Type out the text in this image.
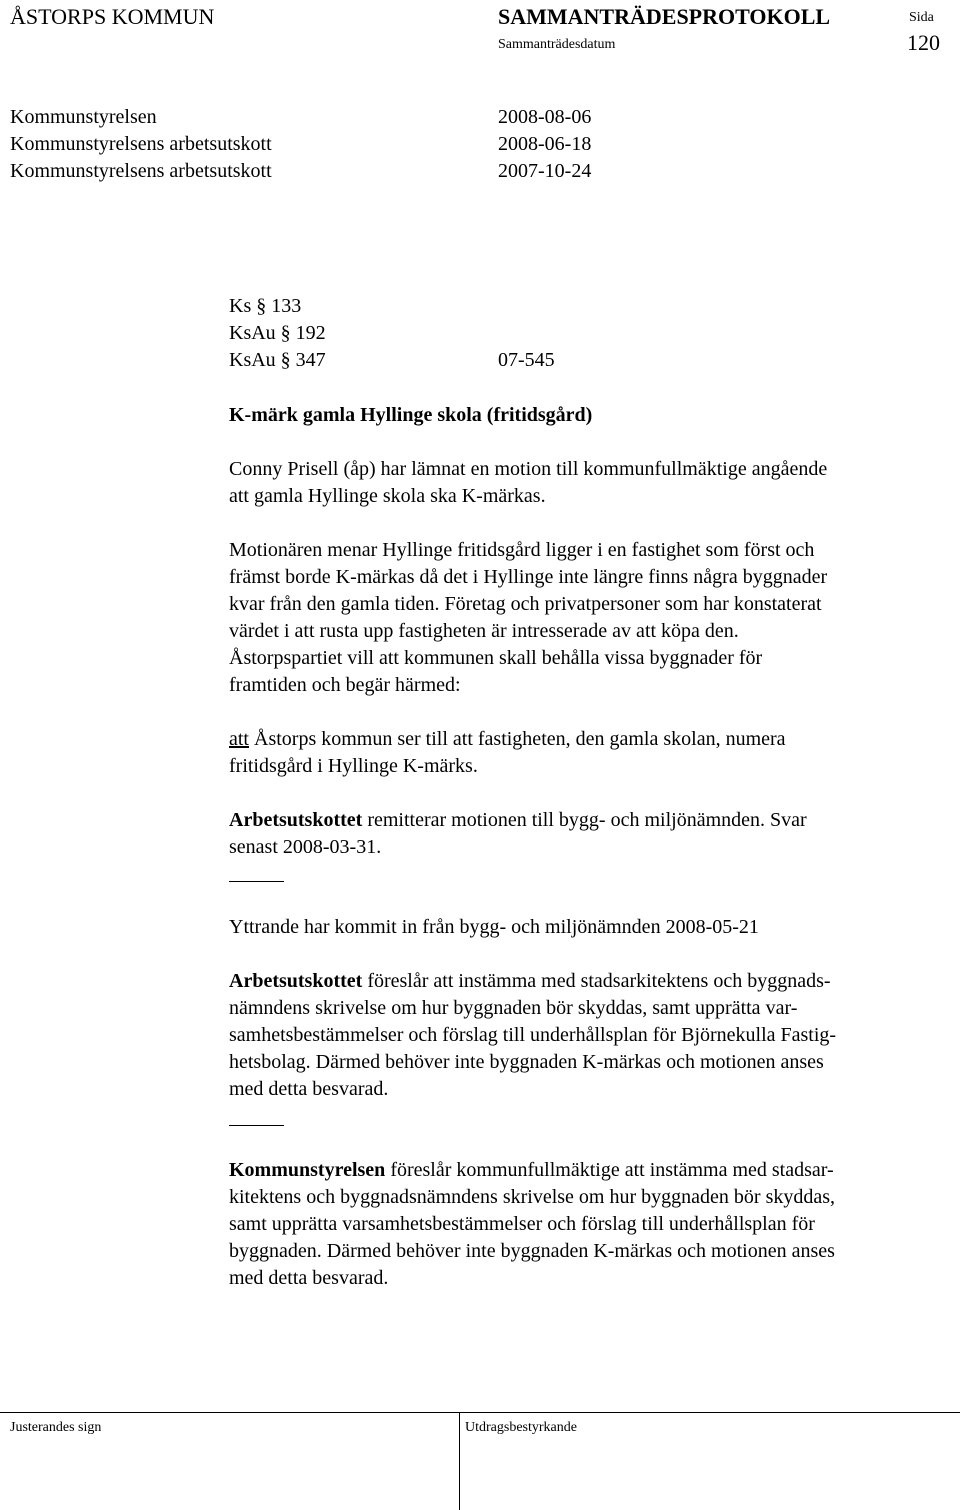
ÅSTORPS KOMMUN	SAMMANTRÄDESPROTOKOLL	Sida
Sammanträdesdatum	120
Kommunstyrelsen	2008-08-06
Kommunstyrelsens arbetsutskott	2008-06-18
Kommunstyrelsens arbetsutskott	2007-10-24
Ks § 133
KsAu § 192
KsAu § 347	07-545
K-märk gamla Hyllinge skola (fritidsgård)

Conny Prisell (åp) har lämnat en motion till kommunfullmäktige angående

att gamla Hyllinge skola ska K-märkas.

Motionären menar Hyllinge fritidsgård ligger i en fastighet som först och

främst borde K-märkas då det i Hyllinge inte längre finns några byggnader

kvar från den gamla tiden. Företag och privatpersoner som har konstaterat

värdet i att rusta upp fastigheten är intresserade av att köpa den.

Åstorpspartiet vill att kommunen skall behålla vissa byggnader för

framtiden och begär härmed:

att Åstorps kommun ser till att fastigheten, den gamla skolan, numera

fritidsgård i Hyllinge K-märks.

Arbetsutskottet remitterar motionen till bygg- och miljönämnden. Svar

senast 2008-03-31.

Yttrande har kommit in från bygg- och miljönämnden 2008-05-21

Arbetsutskottet föreslår att instämma med stadsarkitektens och byggnads-

nämndens skrivelse om hur byggnaden bör skyddas, samt upprätta var-

samhetsbestämmelser och förslag till underhållsplan för Björnekulla Fastig-

hetsbolag. Därmed behöver inte byggnaden K-märkas och motionen anses

med detta besvarad.

Kommunstyrelsen föreslår kommunfullmäktige att instämma med stadsar-

kitektens och byggnadsnämndens skrivelse om hur byggnaden bör skyddas,

samt upprätta varsamhetsbestämmelser och förslag till underhållsplan för

byggnaden. Därmed behöver inte byggnaden K-märkas och motionen anses

med detta besvarad.

Justerandes sign	Utdragsbestyrkande
